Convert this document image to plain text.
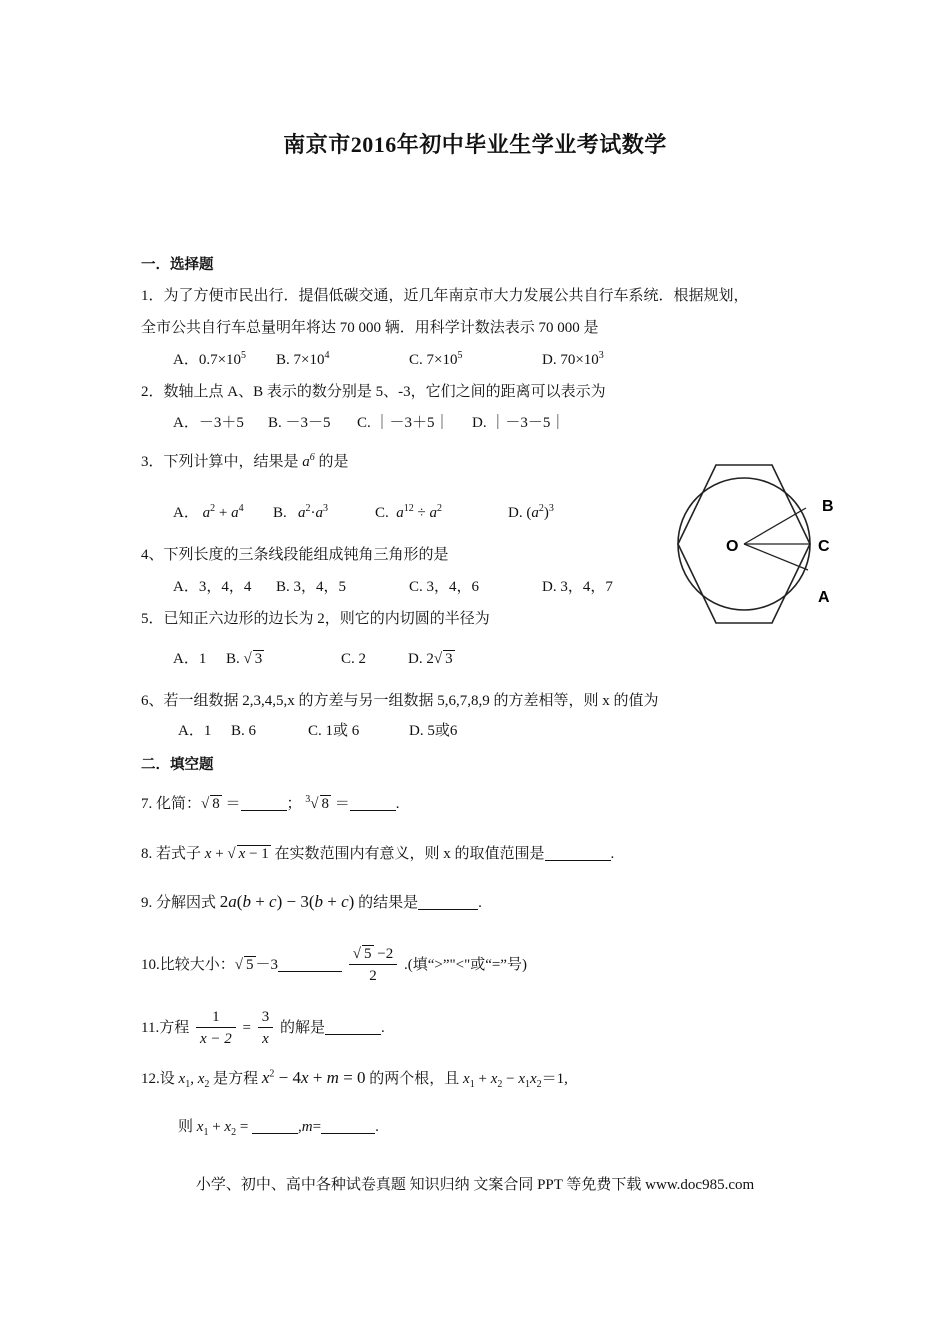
南京市2016年初中毕业生学业考试数学
一．选择题
1．为了方便市民出行．提倡低碳交通，近几年南京市大力发展公共自行车系统．根据规划，
全市公共自行车总量明年将达 70 000 辆．用科学计数法表示 70 000 是
A．$0.7\times 10^5$ B. $7\times 10^4$	C. $7\times 10^5$	D. $70\times 10^3$
2．数轴上点 A、B 表示的数分别是 5、-3，它们之间的距离可以表示为
A．－3＋5 B. －3－5 C. ｜－3＋5｜ D. ｜－3－5｜
3．下列计算中，结果是 $a^6$ 的是
A． $a^2 + a^4$ B. $a^2\cdot a^3$	C. $a^{12} \div a^2$	D. $(a^2)^3$	B
O	C
A
4、下列长度的三条线段能组成钝角三角形的是
A．3，4，4 B. 3，4，5	C. 3，4，6	D. 3，4，7
5．已知正六边形的边长为 2，则它的内切圆的半径为
A．1 B. √ 3	C. 2	D. 2√ 3
6、若一组数据 2,3,4,5,x 的方差与另一组数据 5,6,7,8,9 的方差相等，则 x 的值为
A．1 B. 6	C. 1或 6	D. 5或6
二．填空题
7. 化简：√ 8 ＝	； $^3$√ 8 ＝	.
8. 若式子 x + √ x − 1 在实数范围内有意义，则 x 的取值范围是	.
9. 分解因式 2a(b + c) − 3(b + c) 的结果是	.
10.比较大小：√ 5 －3	$\frac{√ 5 -2}{2}$ .(填“>”"<"或“=”号)
11.方程 $\frac{1}{x - 2} = \frac{3}{x}$ 的解是	.
12.设 $x_1$, $x_2$ 是方程 $x^2 - 4x + m = 0$ 的两个根，且 $x_1 + x_2 - x_1x_2=1$,
则 $x_1 + x_2$ =	,m=	.
小学、初中、高中各种试卷真题 知识归纳 文案合同 PPT 等免费下载 www.doc985.com
